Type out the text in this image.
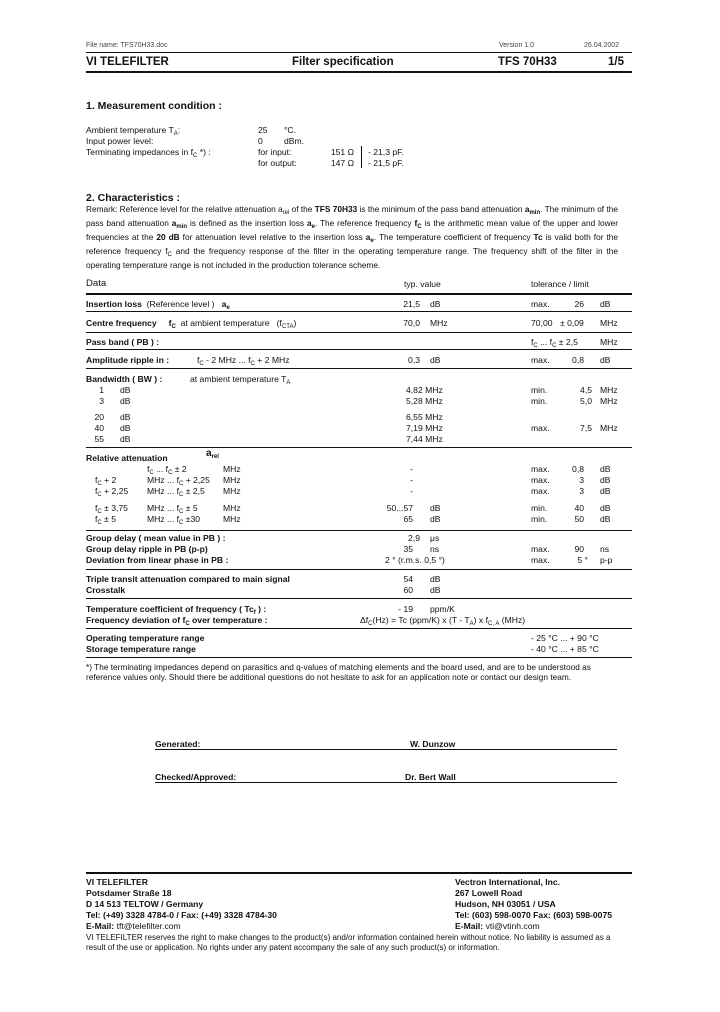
File name: TFS70H33.doc	Version 1.0	26.04.2002
VI TELEFILTER	Filter specification	TFS 70H33	1/5
1. Measurement condition :
Ambient temperature $T_A$:	25 °C.
Input power level:	0 dBm.
Terminating impedances in $f_C$ *) :	for input:	151 Ω - 21,3 pF.
for output:	147 Ω - 21,5 pF.
2. Characteristics :
Remark: Reference level for the relative attenuation $a_{rel}$ of the TFS 70H33 is the minimum of the pass band attenuation $a_{min}$. The minimum of the pass band attenuation $a_{min}$ is defined as the insertion loss $a_e$. The reference frequency $f_C$ is the arithmetic mean value of the upper and lower frequencies at the 20 dB for attenuation level relative to the insertion loss $a_e$. The temperature coefficient of frequency Tc is valid both for the reference frequency $f_C$ and the frequency response of the filter in the operating temperature range. The frequency shift of the filter in the operating temperature range is not included in the production tolerance scheme.
Data	typ. value	tolerance / limit
Insertion loss (Reference level ) $a_e$	21,5 dB	max.	26 dB
Centre frequency $f_C$ at ambient temperature $(f_{CTA})$	70,0 MHz	70,00 ± 0,09 MHz
Pass band ( PB ) :	$f_C$ ... $f_C \pm 2,5$	MHz
Amplitude ripple in :	$f_C - 2$ MHz ... $f_C + 2$ MHz	0,3 dB	max.	0,8 dB
Bandwidth ( BW ) :	at ambient temperature $T_A$
1 dB	4,82 MHz	min.	4,5 MHz
3 dB	5,28 MHz	min.	5,0 MHz
20 dB	6,55 MHz
40 dB	7,19 MHz	max.	7,5 MHz
55 dB	7,44 MHz
Relative attenuation	$a_{rel}$
$f_C$ ... $f_C \pm 2$	MHz	-	max.	0,8 dB
$f_C + 2$	MHz ... $f_C + 2,25$ MHz	-	max.	3 dB
$f_C + 2,25$ MHz ... $f_C \pm 2,5$ MHz	-	max.	3 dB
$f_C \pm 3,75$ MHz ... $f_C \pm 5$	MHz	50...57 dB	min.	40 dB
$f_C \pm 5$	MHz ... $f_C \pm 30$	MHz	65 dB	min.	50 dB
Group delay ( mean value in PB ) :	2,9 μs
Group delay ripple in PB (p-p)	35 ns	max.	90 ns
Deviation from linear phase in PB :	2 ° (r.m.s. 0,5 °)	max.	5 ° p-p
Triple transit attenuation compared to main signal	54 dB
Crosstalk	60 dB
Temperature coefficient of frequency ( $Tc_f$ ) :	- 19 ppm/K
Frequency deviation of $f_C$ over temperature :	$\Delta f_C(Hz) = Tc$ (ppm/K) x $(T - T_A)$ x $f_{C, A}$ (MHz)
Operating temperature range	- 25 °C ... + 90 °C
Storage temperature range	- 40 °C ... + 85 °C
*) The terminating impedances depend on parasitics and q-values of matching elements and the board used, and are to be understood as reference values only. Should there be additional questions do not hesitate to ask for an application note or contact our design team.
Generated:	W. Dunzow
Checked/Approved:	Dr. Bert Wall
VI TELEFILTER
Potsdamer Straße 18
D 14 513 TELTOW / Germany
Tel: (+49) 3328 4784-0 / Fax: (+49) 3328 4784-30
E-Mail: tft@telefilter.com
Vectron International, Inc.
267 Lowell Road
Hudson, NH 03051 / USA
Tel: (603) 598-0070 Fax: (603) 598-0075
E-Mail: vti@vtinh.com
VI TELEFILTER reserves the right to make changes to the product(s) and/or information contained herein without notice. No liability is assumed as a result of the use or application. No rights under any patent accompany the sale of any such product(s) or information.
